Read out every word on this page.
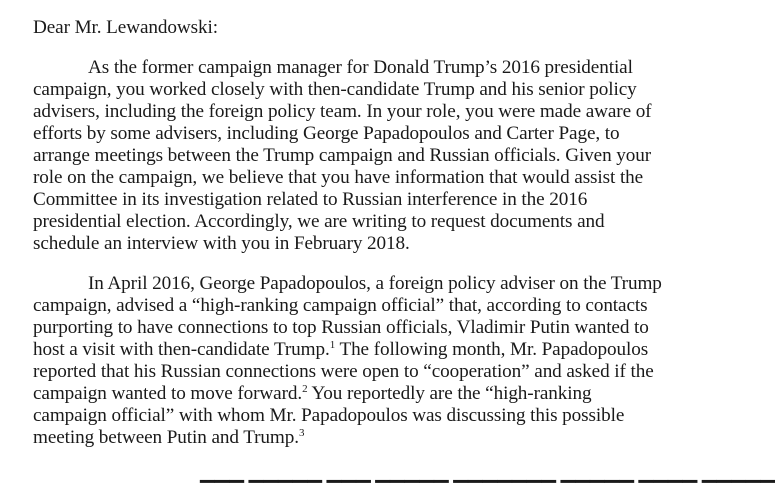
Dear Mr. Lewandowski:
As the former campaign manager for Donald Trump’s 2016 presidential
campaign, you worked closely with then-candidate Trump and his senior policy
advisers, including the foreign policy team. In your role, you were made aware of
efforts by some advisers, including George Papadopoulos and Carter Page, to
arrange meetings between the Trump campaign and Russian officials. Given your
role on the campaign, we believe that you have information that would assist the
Committee in its investigation related to Russian interference in the 2016
presidential election. Accordingly, we are writing to request documents and
schedule an interview with you in February 2018.
In April 2016, George Papadopoulos, a foreign policy adviser on the Trump
campaign, advised a “high-ranking campaign official” that, according to contacts
purporting to have connections to top Russian officials, Vladimir Putin wanted to
host a visit with then-candidate Trump.$^1$ The following month, Mr. Papadopoulos
reported that his Russian connections were open to “cooperation” and asked if the
campaign wanted to move forward.$^2$ You reportedly are the “high-ranking
campaign official” with whom Mr. Papadopoulos was discussing this possible
meeting between Putin and Trump.$^3$
▁▁▁ ▁▁▁▁▁ ▁▁▁ ▁▁▁▁▁ ▁▁▁▁▁▁▁ ▁▁▁▁▁ ▁▁▁▁ ▁▁▁▁▁
